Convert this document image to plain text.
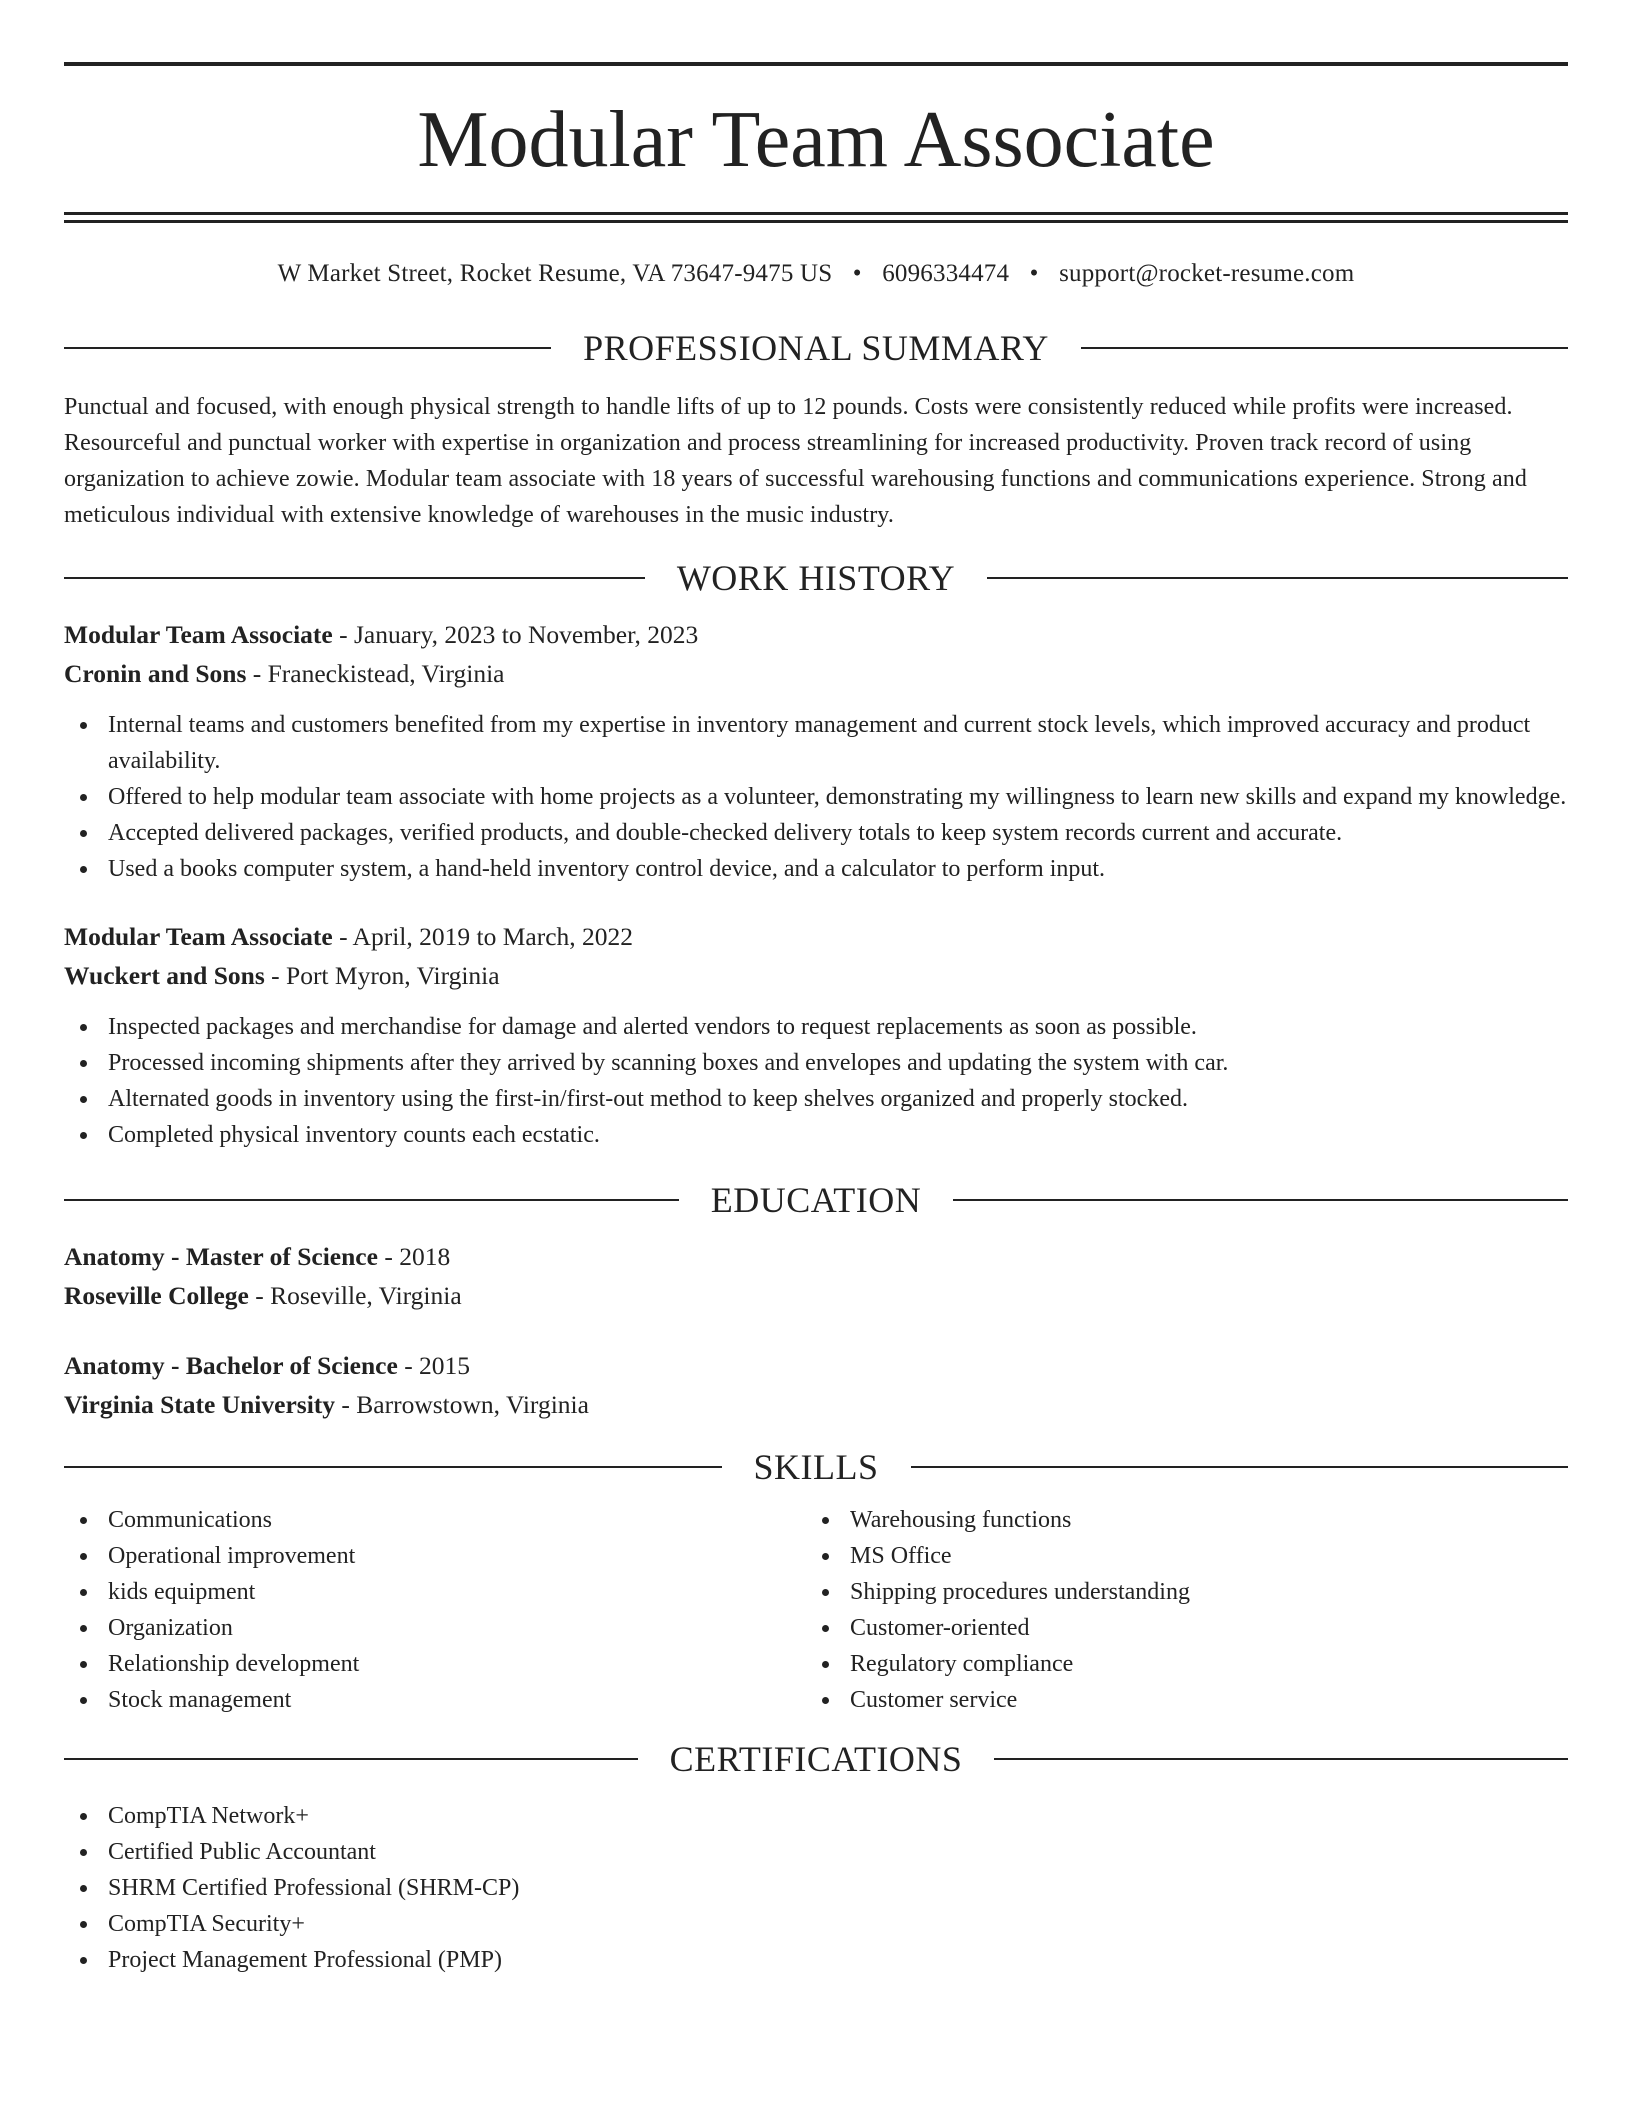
Modular Team Associate
W Market Street, Rocket Resume, VA 73647-9475 US • 6096334474 • support@rocket-resume.com
PROFESSIONAL SUMMARY

Punctual and focused, with enough physical strength to handle lifts of up to 12 pounds. Costs were consistently reduced while profits were increased. Resourceful and punctual worker with expertise in organization and process streamlining for increased productivity. Proven track record of using organization to achieve zowie. Modular team associate with 18 years of successful warehousing functions and communications experience. Strong and meticulous individual with extensive knowledge of warehouses in the music industry.

WORK HISTORY
Modular Team Associate - January, 2023 to November, 2023
Cronin and Sons - Franeckistead, Virginia
Internal teams and customers benefited from my expertise in inventory management and current stock levels, which improved accuracy and product availability.
Offered to help modular team associate with home projects as a volunteer, demonstrating my willingness to learn new skills and expand my knowledge.
Accepted delivered packages, verified products, and double-checked delivery totals to keep system records current and accurate.
Used a books computer system, a hand-held inventory control device, and a calculator to perform input.
Modular Team Associate - April, 2019 to March, 2022
Wuckert and Sons - Port Myron, Virginia
Inspected packages and merchandise for damage and alerted vendors to request replacements as soon as possible.
Processed incoming shipments after they arrived by scanning boxes and envelopes and updating the system with car.
Alternated goods in inventory using the first-in/first-out method to keep shelves organized and properly stocked.
Completed physical inventory counts each ecstatic.
EDUCATION
Anatomy - Master of Science - 2018
Roseville College - Roseville, Virginia
Anatomy - Bachelor of Science - 2015
Virginia State University - Barrowstown, Virginia
SKILLS
Communications
Operational improvement
kids equipment
Organization
Relationship development
Stock management
Warehousing functions
MS Office
Shipping procedures understanding
Customer-oriented
Regulatory compliance
Customer service
CERTIFICATIONS
CompTIA Network+
Certified Public Accountant
SHRM Certified Professional (SHRM-CP)
CompTIA Security+
Project Management Professional (PMP)
